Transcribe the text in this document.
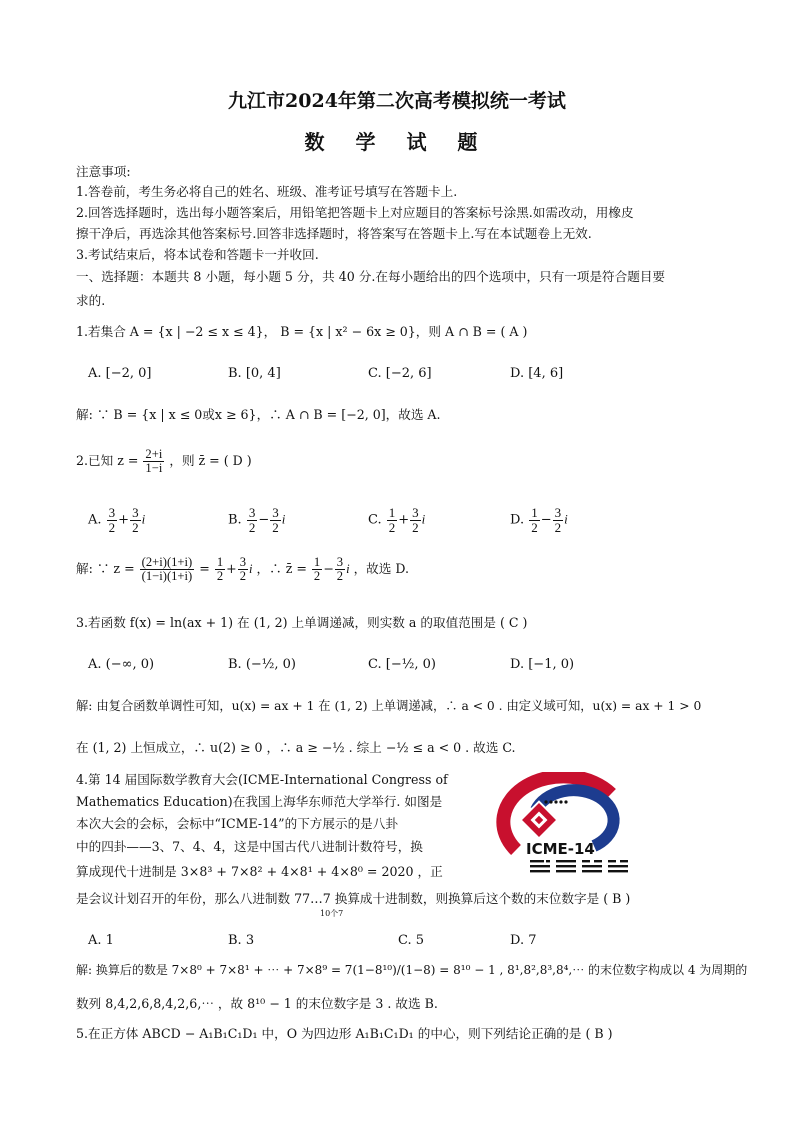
九江市2024年第二次高考模拟统一考试
数 学 试 题
注意事项:
1.答卷前，考生务必将自己的姓名、班级、准考证号填写在答题卡上.
2.回答选择题时，选出每小题答案后，用铅笔把答题卡上对应题目的答案标号涂黑.如需改动，用橡皮
擦干净后，再选涂其他答案标号.回答非选择题时，将答案写在答题卡上.写在本试题卷上无效.
3.考试结束后，将本试卷和答题卡一并收回.
一、选择题：本题共 8 小题，每小题 5 分，共 40 分.在每小题给出的四个选项中，只有一项是符合题目要
求的.
1.若集合 A = {x | −2 ≤ x ≤ 4}， B = {x | x² − 6x ≥ 0}，则 A ∩ B = ( A )
A. [−2, 0]	B. [0, 4]	C. [−2, 6]	D. [4, 6]
解: ∵ B = {x | x ≤ 0或x ≥ 6}，∴ A ∩ B = [−2, 0]，故选 A.
2.已知 $z = \frac{2+i}{1-i}$ ，则 z̄ = ( D )
A. $\frac{3}{2} + \frac{3}{2}$ i	B. $\frac{3}{2} - \frac{3}{2}$ i	C. $\frac{1}{2} + \frac{3}{2}$ i	D. $\frac{1}{2} - \frac{3}{2}$ i
解: ∵ $z = \frac{(2+i)(1+i)}{(1-i)(1+i)} = \frac{1}{2} + \frac{3}{2}$ i ，∴ z̄ = $\frac{1}{2} - \frac{3}{2}$ i ，故选 D.
3.若函数 f(x) = ln(ax + 1) 在 (1, 2) 上单调递减，则实数 a 的取值范围是 ( C )
A. (−∞, 0)	B. (−½, 0)	C. [−½, 0)	D. [−1, 0)
解: 由复合函数单调性可知，u(x) = ax + 1 在 (1, 2) 上单调递减，∴ a < 0 . 由定义域可知，u(x) = ax + 1 > 0
在 (1, 2) 上恒成立，∴ u(2) ≥ 0 ，∴ a ≥ −½ . 综上 −½ ≤ a < 0 . 故选 C.
4.第 14 届国际数学教育大会(ICME-International Congress of
Mathematics Education)在我国上海华东师范大学举行. 如图是
本次大会的会标，会标中“ICME-14”的下方展示的是八卦
中的四卦——3、7、4、4，这是中国古代八进制计数符号，换
算成现代十进制是 3×8³ + 7×8² + 4×8¹ + 4×8⁰ = 2020 ，正
是会议计划召开的年份，那么八进制数 77…7 换算成十进制数，则换算后这个数的末位数字是 ( B )
10个7
ICME-14
A. 1	B. 3	C. 5	D. 7
解: 换算后的数是 7×8⁰ + 7×8¹ + ⋯ + 7×8⁹ = 7(1−8¹⁰)/(1−8) = 8¹⁰ − 1 , 8¹,8²,8³,8⁴,⋯ 的末位数字构成以 4 为周期的
数列 8,4,2,6,8,4,2,6,⋯ ，故 8¹⁰ − 1 的末位数字是 3 . 故选 B.
5.在正方体 ABCD − A₁B₁C₁D₁ 中，O 为四边形 A₁B₁C₁D₁ 的中心，则下列结论正确的是 ( B )
